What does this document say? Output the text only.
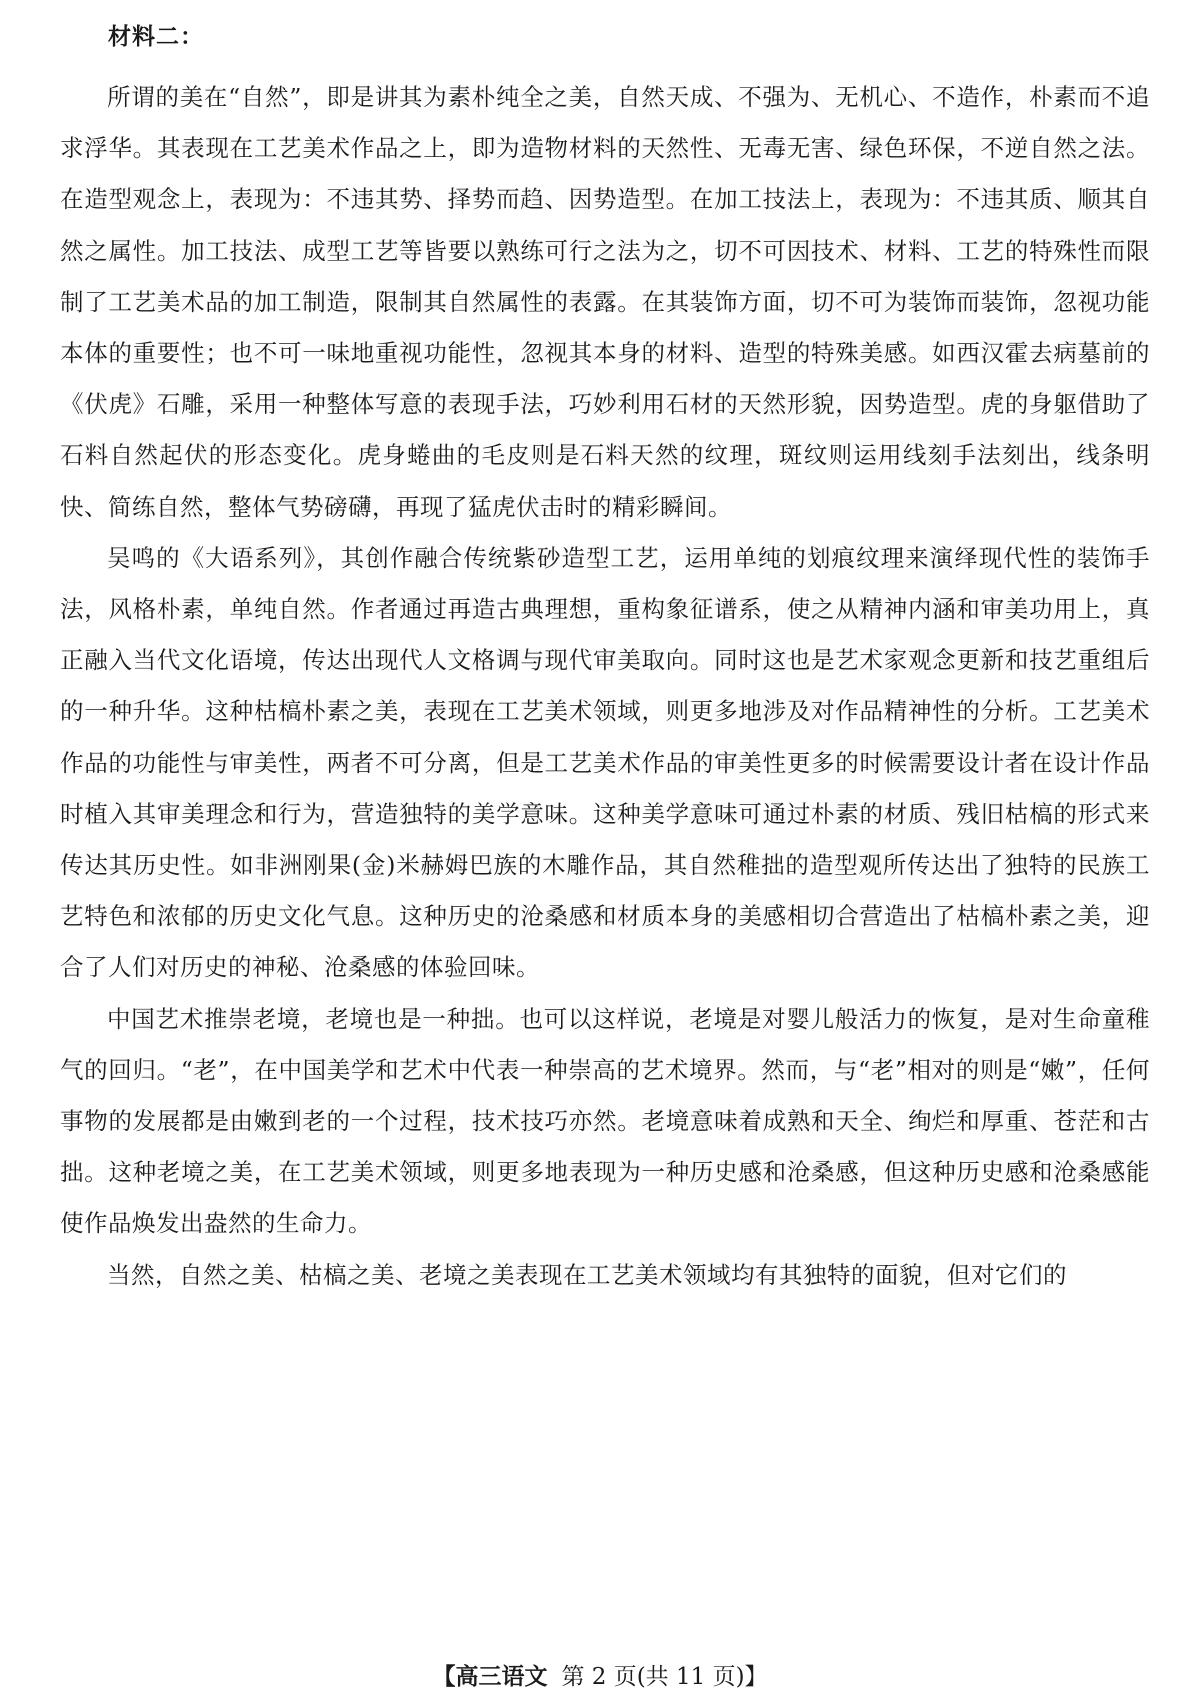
材料二：

所谓的美在“自然”，即是讲其为素朴纯全之美，自然天成、不强为、无机心、不造作，朴素而不追求浮华。其表现在工艺美术作品之上，即为造物材料的天然性、无毒无害、绿色环保，不逆自然之法。在造型观念上，表现为：不违其势、择势而趋、因势造型。在加工技法上，表现为：不违其质、顺其自然之属性。加工技法、成型工艺等皆要以熟练可行之法为之，切不可因技术、材料、工艺的特殊性而限制了工艺美术品的加工制造，限制其自然属性的表露。在其装饰方面，切不可为装饰而装饰，忽视功能本体的重要性；也不可一味地重视功能性，忽视其本身的材料、造型的特殊美感。如西汉霍去病墓前的《伏虎》石雕，采用一种整体写意的表现手法，巧妙利用石材的天然形貌，因势造型。虎的身躯借助了石料自然起伏的形态变化。虎身蜷曲的毛皮则是石料天然的纹理，斑纹则运用线刻手法刻出，线条明快、简练自然，整体气势磅礴，再现了猛虎伏击时的精彩瞬间。

吴鸣的《大语系列》，其创作融合传统紫砂造型工艺，运用单纯的划痕纹理来演绎现代性的装饰手法，风格朴素，单纯自然。作者通过再造古典理想，重构象征谱系，使之从精神内涵和审美功用上，真正融入当代文化语境，传达出现代人文格调与现代审美取向。同时这也是艺术家观念更新和技艺重组后的一种升华。这种枯槁朴素之美，表现在工艺美术领域，则更多地涉及对作品精神性的分析。工艺美术作品的功能性与审美性，两者不可分离，但是工艺美术作品的审美性更多的时候需要设计者在设计作品时植入其审美理念和行为，营造独特的美学意味。这种美学意味可通过朴素的材质、残旧枯槁的形式来传达其历史性。如非洲刚果(金)米赫姆巴族的木雕作品，其自然稚拙的造型观所传达出了独特的民族工艺特色和浓郁的历史文化气息。这种历史的沧桑感和材质本身的美感相切合营造出了枯槁朴素之美，迎合了人们对历史的神秘、沧桑感的体验回味。

中国艺术推崇老境，老境也是一种拙。也可以这样说，老境是对婴儿般活力的恢复，是对生命童稚气的回归。“老”，在中国美学和艺术中代表一种崇高的艺术境界。然而，与“老”相对的则是“嫩”，任何事物的发展都是由嫩到老的一个过程，技术技巧亦然。老境意味着成熟和天全、绚烂和厚重、苍茫和古拙。这种老境之美，在工艺美术领域，则更多地表现为一种历史感和沧桑感，但这种历史感和沧桑感能使作品焕发出盎然的生命力。

当然，自然之美、枯槁之美、老境之美表现在工艺美术领域均有其独特的面貌，但对它们的

【高三语文 第 2 页(共 11 页)】
